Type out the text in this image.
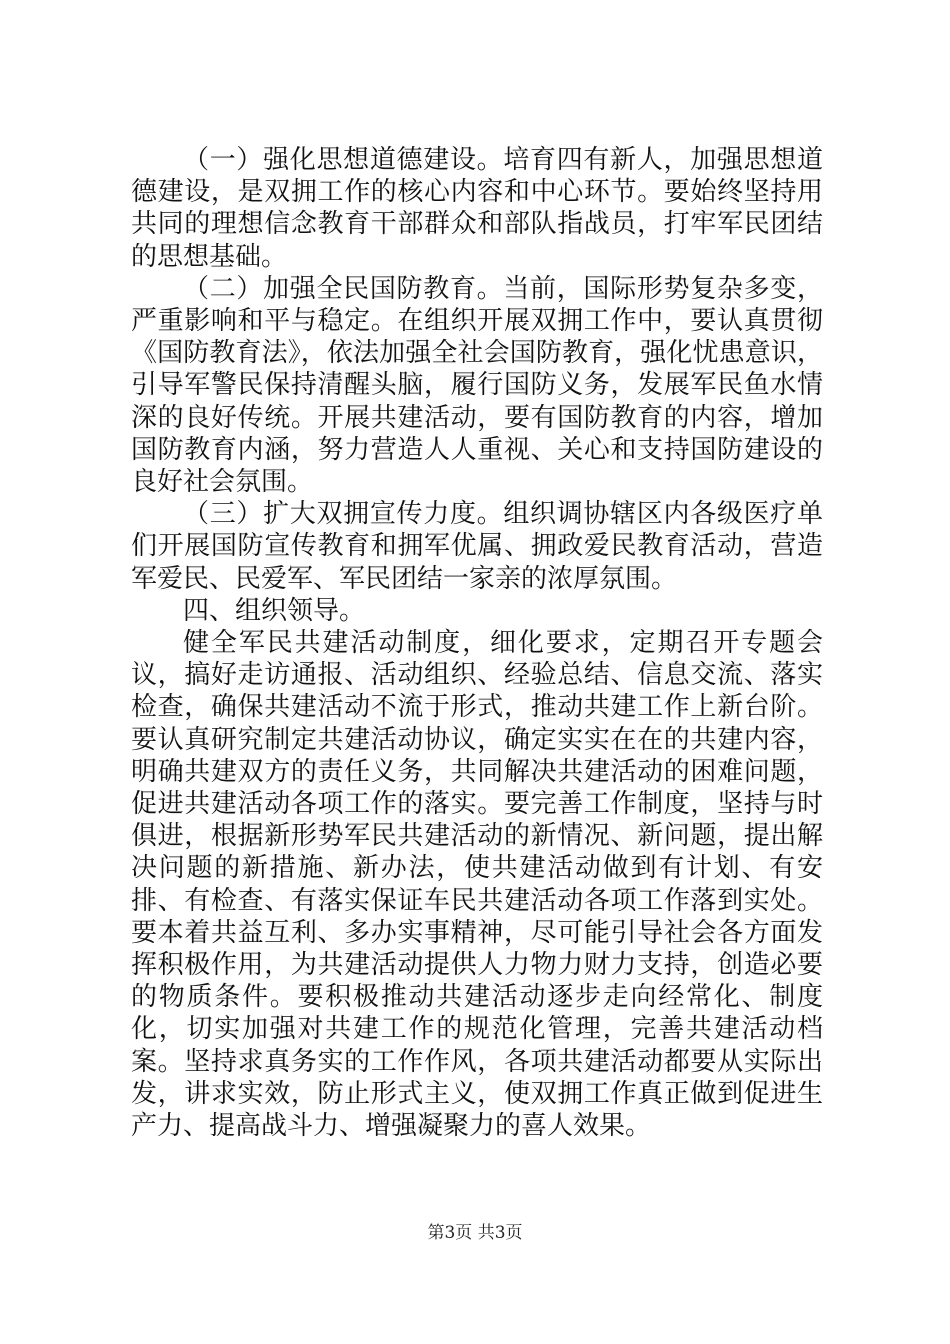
（一）强化思想道德建设。培育四有新人，加强思想道德建设，是双拥工作的核心内容和中心环节。要始终坚持用共同的理想信念教育干部群众和部队指战员，打牢军民团结的思想基础。

（二）加强全民国防教育。当前，国际形势复杂多变，严重影响和平与稳定。在组织开展双拥工作中，要认真贯彻《国防教育法》，依法加强全社会国防教育，强化忧患意识，引导军警民保持清醒头脑，履行国防义务，发展军民鱼水情深的良好传统。开展共建活动，要有国防教育的内容，增加国防教育内涵，努力营造人人重视、关心和支持国防建设的良好社会氛围。

（三）扩大双拥宣传力度。组织调协辖区内各级医疗单们开展国防宣传教育和拥军优属、拥政爱民教育活动，营造军爱民、民爱军、军民团结一家亲的浓厚氛围。

四、组织领导。

健全军民共建活动制度，细化要求，定期召开专题会议，搞好走访通报、活动组织、经验总结、信息交流、落实检查，确保共建活动不流于形式，推动共建工作上新台阶。要认真研究制定共建活动协议，确定实实在在的共建内容，明确共建双方的责任义务，共同解决共建活动的困难问题，促进共建活动各项工作的落实。要完善工作制度，坚持与时俱进，根据新形势军民共建活动的新情况、新问题，提出解决问题的新措施、新办法，使共建活动做到有计划、有安排、有检查、有落实保证车民共建活动各项工作落到实处。要本着共益互利、多办实事精神，尽可能引导社会各方面发挥积极作用，为共建活动提供人力物力财力支持，创造必要的物质条件。要积极推动共建活动逐步走向经常化、制度化，切实加强对共建工作的规范化管理，完善共建活动档案。坚持求真务实的工作作风，各项共建活动都要从实际出发，讲求实效，防止形式主义，使双拥工作真正做到促进生产力、提高战斗力、增强凝聚力的喜人效果。

第3页 共3页
